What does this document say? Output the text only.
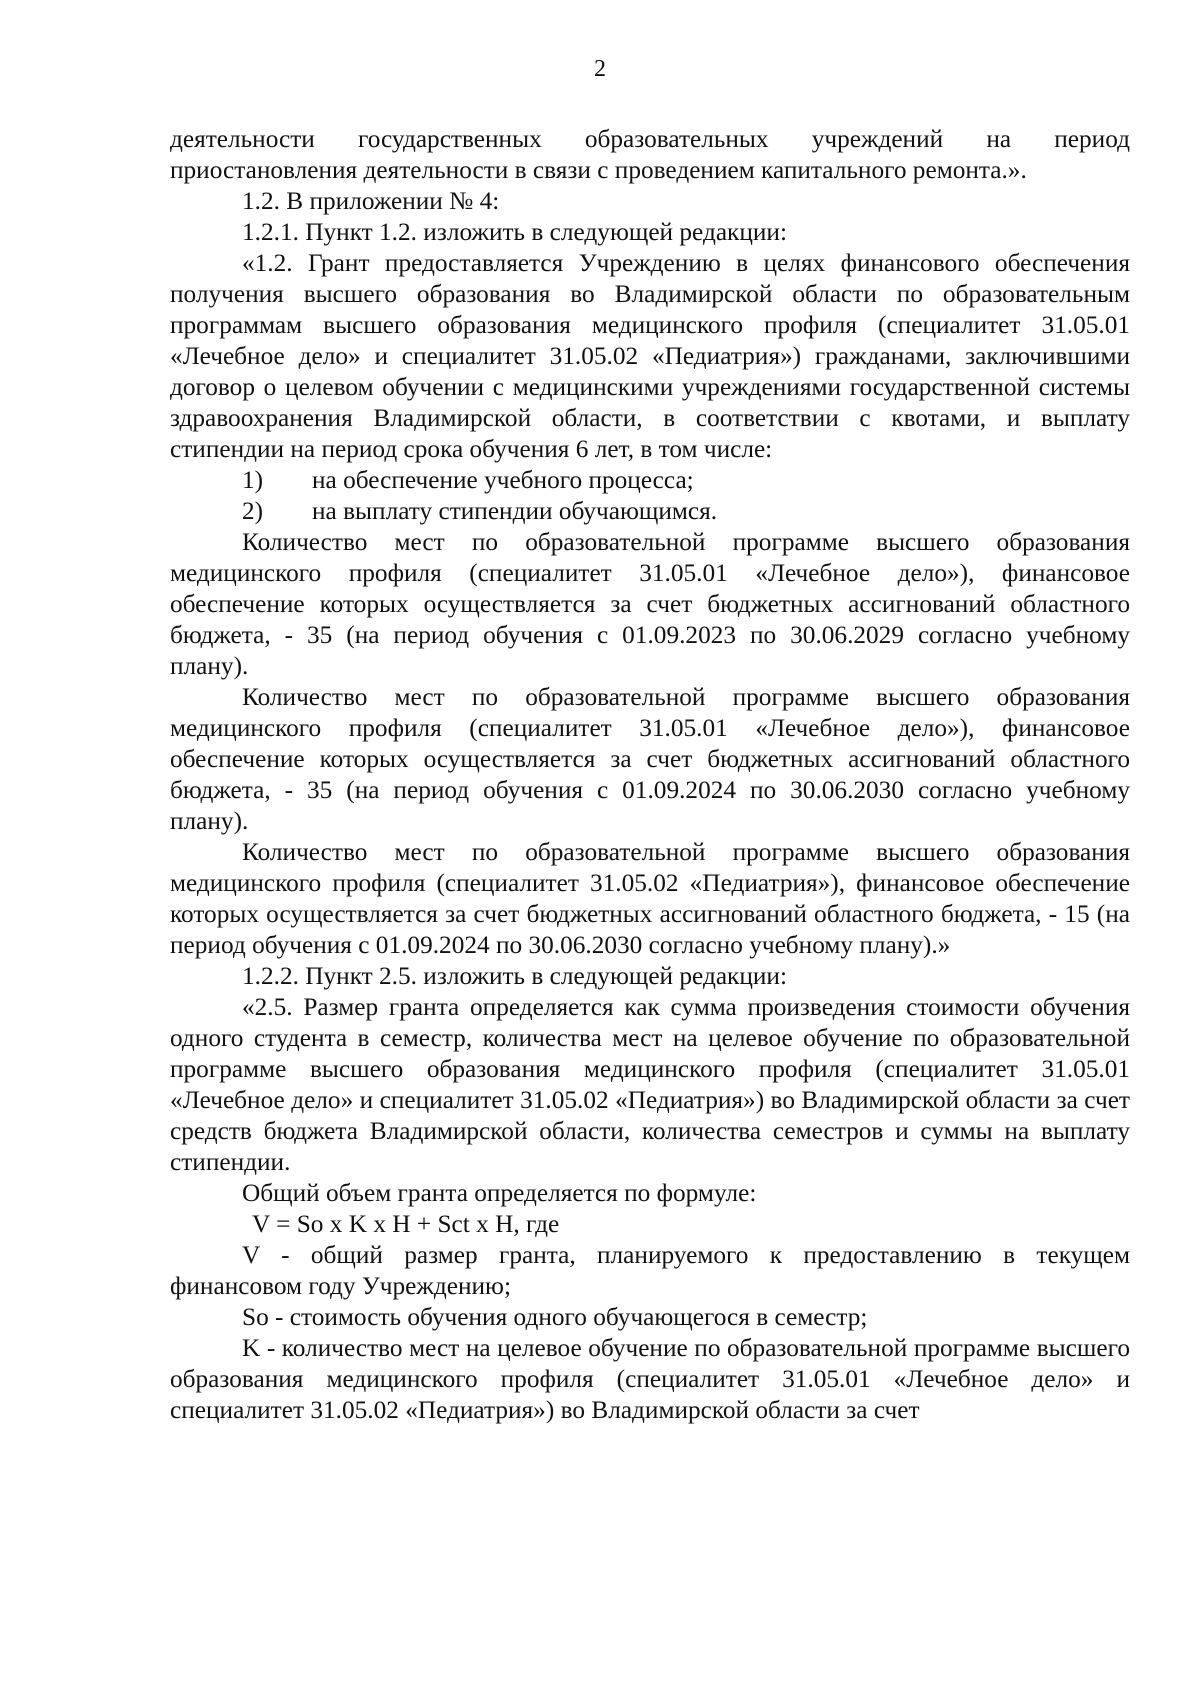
2

деятельности государственных образовательных учреждений на период приостановления деятельности в связи с проведением капитального ремонта.».

1.2. В приложении № 4:

1.2.1. Пункт 1.2. изложить в следующей редакции:

«1.2. Грант предоставляется Учреждению в целях финансового обеспечения получения высшего образования во Владимирской области по образовательным программам высшего образования медицинского профиля (специалитет 31.05.01 «Лечебное дело» и специалитет 31.05.02 «Педиатрия») гражданами, заключившими договор о целевом обучении с медицинскими учреждениями государственной системы здравоохранения Владимирской области, в соответствии с квотами, и выплату стипендии на период срока обучения 6 лет, в том числе:

1)	на обеспечение учебного процесса;
2)	на выплату стипендии обучающимся.

Количество мест по образовательной программе высшего образования медицинского профиля (специалитет 31.05.01 «Лечебное дело»), финансовое обеспечение которых осуществляется за счет бюджетных ассигнований областного бюджета, - 35 (на период обучения с 01.09.2023 по 30.06.2029 согласно учебному плану).

Количество мест по образовательной программе высшего образования медицинского профиля (специалитет 31.05.01 «Лечебное дело»), финансовое обеспечение которых осуществляется за счет бюджетных ассигнований областного бюджета, - 35 (на период обучения с 01.09.2024 по 30.06.2030 согласно учебному плану).

Количество мест по образовательной программе высшего образования медицинского профиля (специалитет 31.05.02 «Педиатрия»), финансовое обеспечение которых осуществляется за счет бюджетных ассигнований областного бюджета, - 15 (на период обучения с 01.09.2024 по 30.06.2030 согласно учебному плану).»

1.2.2. Пункт 2.5. изложить в следующей редакции:

«2.5. Размер гранта определяется как сумма произведения стоимости обучения одного студента в семестр, количества мест на целевое обучение по образовательной программе высшего образования медицинского профиля (специалитет 31.05.01 «Лечебное дело» и специалитет 31.05.02 «Педиатрия») во Владимирской области за счет средств бюджета Владимирской области, количества семестров и суммы на выплату стипендии.

Общий объем гранта определяется по формуле:

V = So x K x H + Sct x H, где

V - общий размер гранта, планируемого к предоставлению в текущем финансовом году Учреждению;

So - стоимость обучения одного обучающегося в семестр;

K - количество мест на целевое обучение по образовательной программе высшего образования медицинского профиля (специалитет 31.05.01 «Лечебное дело» и специалитет 31.05.02 «Педиатрия») во Владимирской области за счет
